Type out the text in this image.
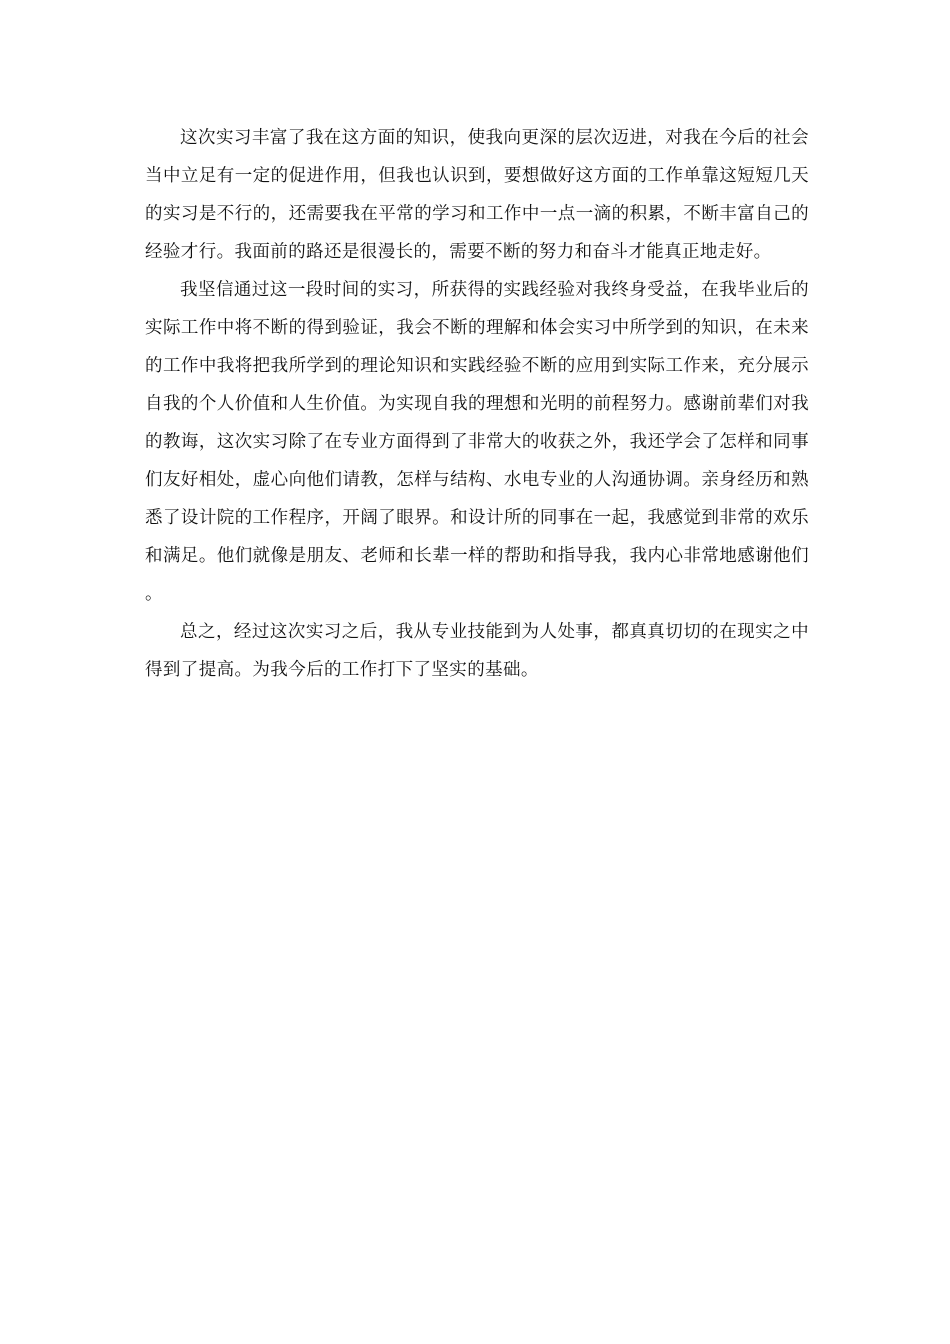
这次实习丰富了我在这方面的知识，使我向更深的层次迈进，对我在今后的社会当中立足有一定的促进作用，但我也认识到，要想做好这方面的工作单靠这短短几天的实习是不行的，还需要我在平常的学习和工作中一点一滴的积累，不断丰富自己的经验才行。我面前的路还是很漫长的，需要不断的努力和奋斗才能真正地走好。

我坚信通过这一段时间的实习，所获得的实践经验对我终身受益，在我毕业后的实际工作中将不断的得到验证，我会不断的理解和体会实习中所学到的知识，在未来的工作中我将把我所学到的理论知识和实践经验不断的应用到实际工作来，充分展示自我的个人价值和人生价值。为实现自我的理想和光明的前程努力。感谢前辈们对我的教诲，这次实习除了在专业方面得到了非常大的收获之外，我还学会了怎样和同事们友好相处，虚心向他们请教，怎样与结构、水电专业的人沟通协调。亲身经历和熟悉了设计院的工作程序，开阔了眼界。和设计所的同事在一起，我感觉到非常的欢乐和满足。他们就像是朋友、老师和长辈一样的帮助和指导我，我内心非常地感谢他们。

总之，经过这次实习之后，我从专业技能到为人处事，都真真切切的在现实之中得到了提高。为我今后的工作打下了坚实的基础。
